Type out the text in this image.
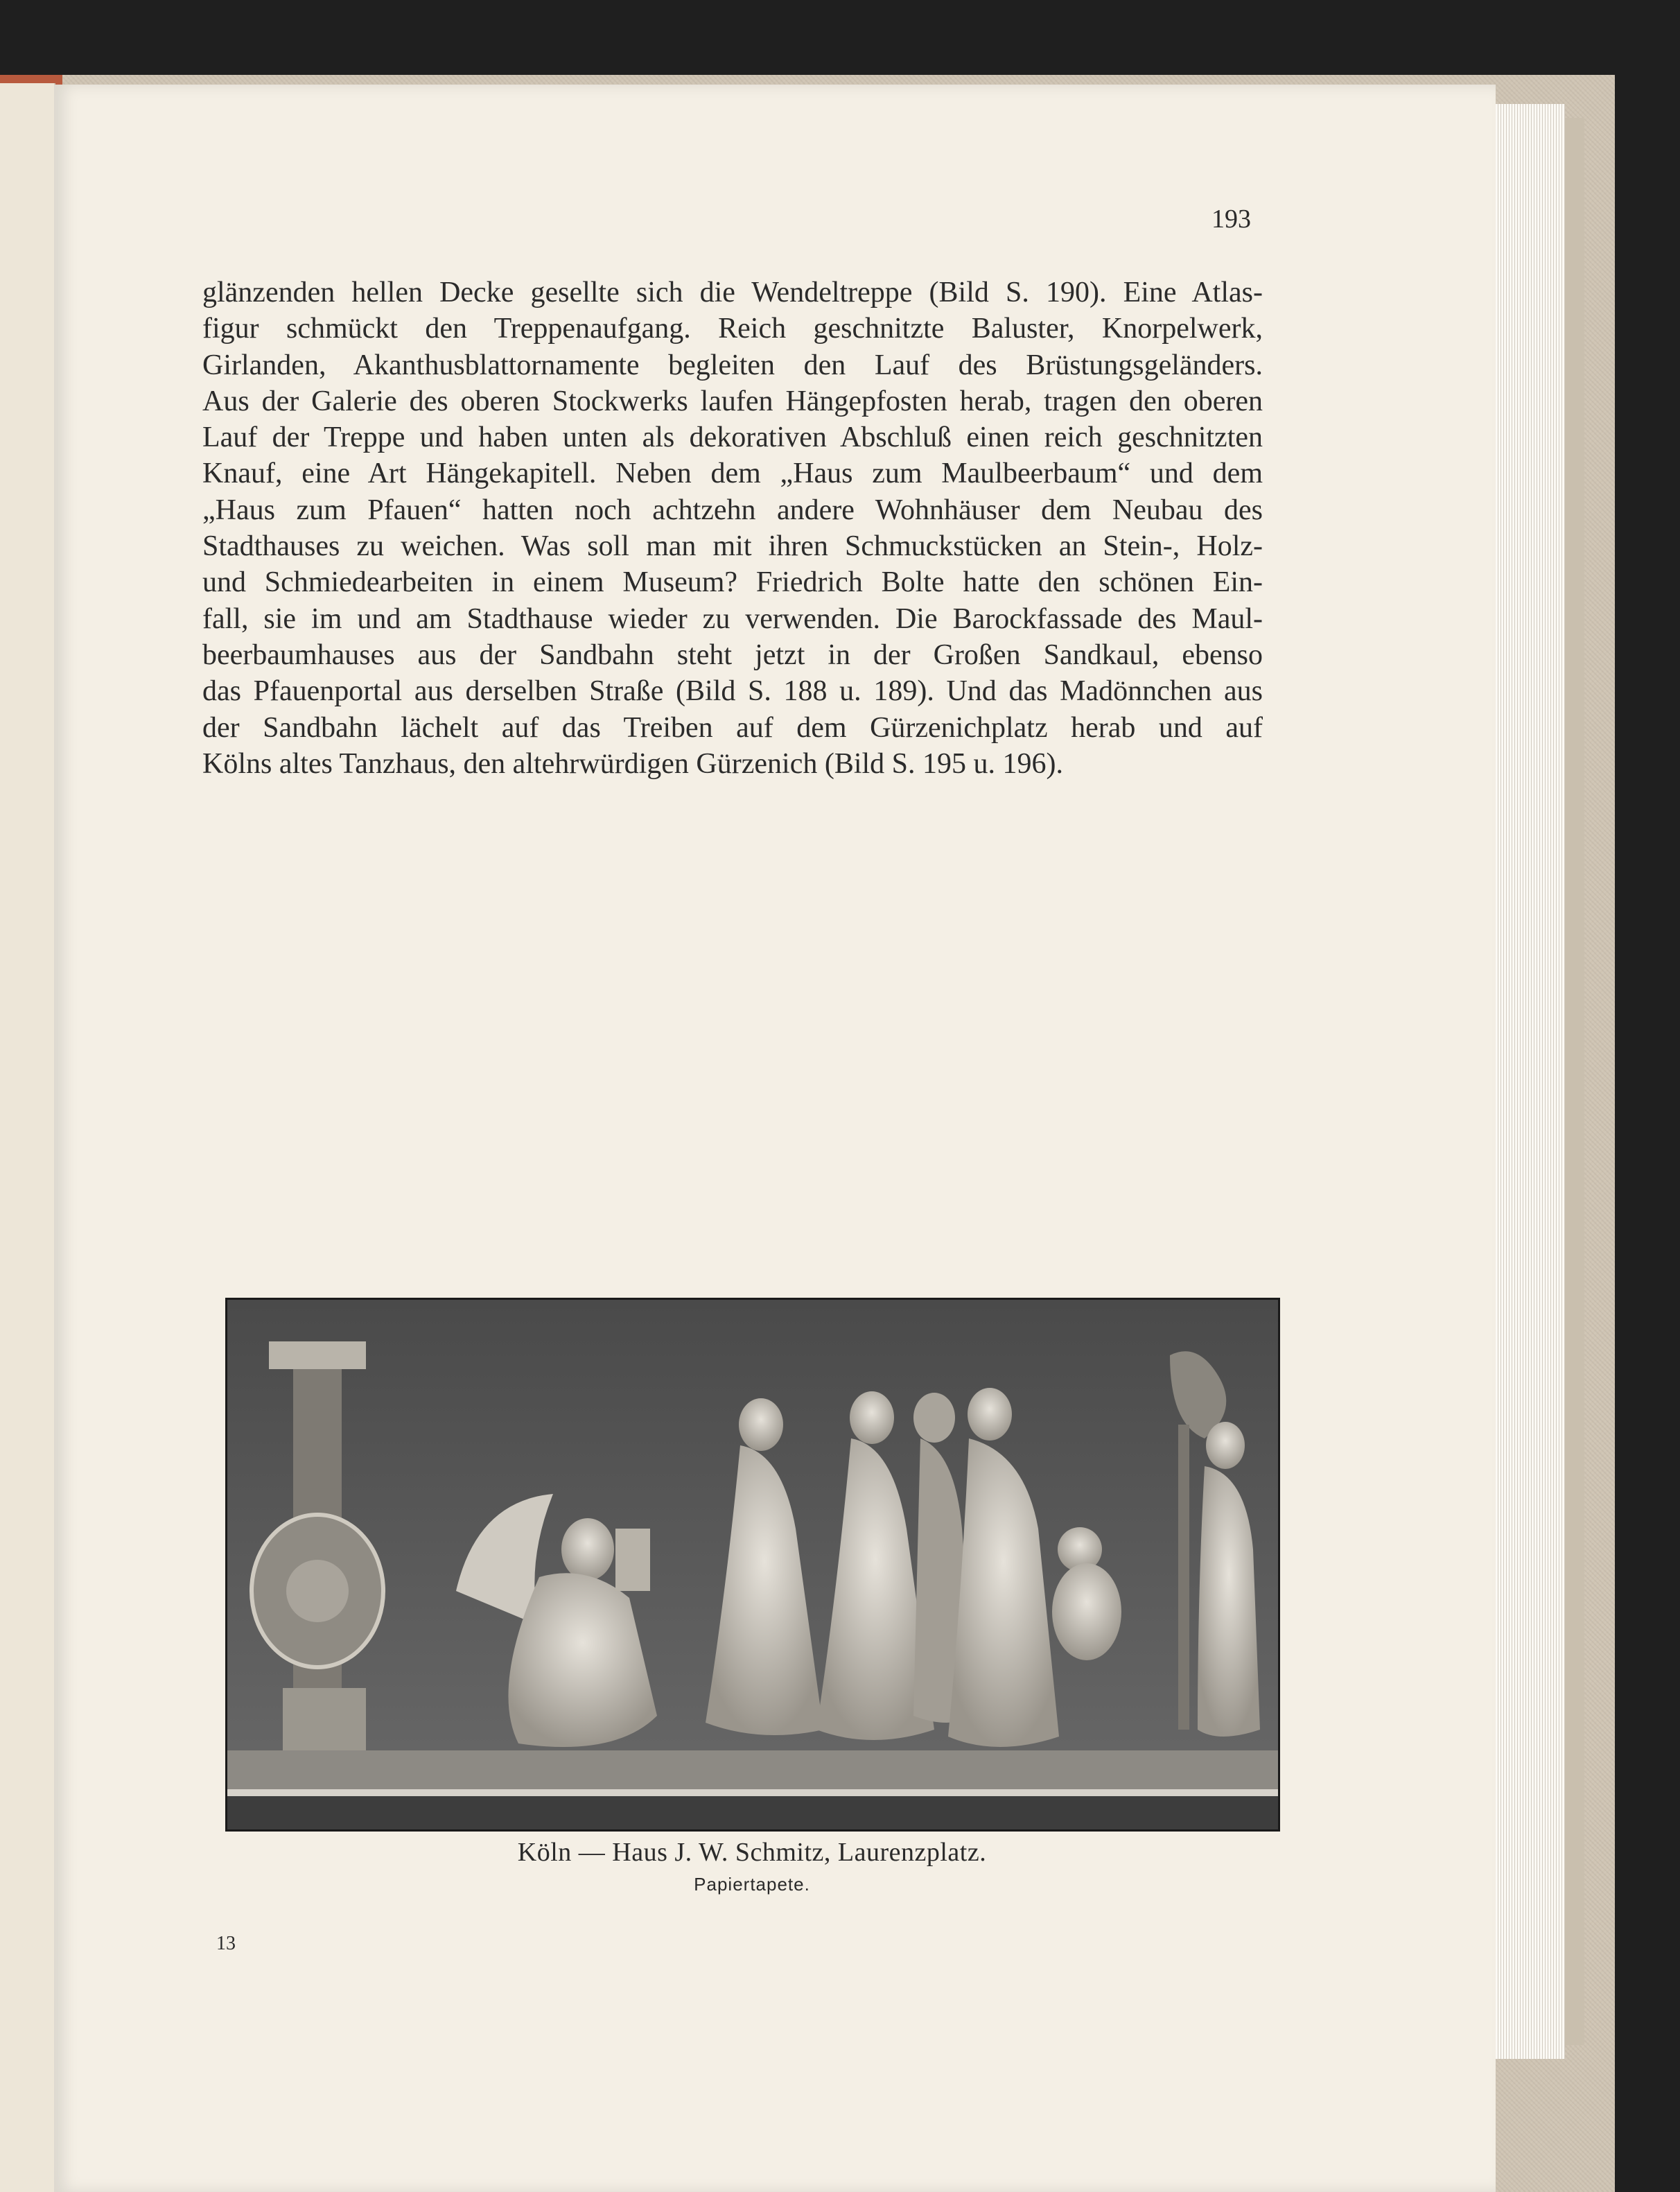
193
glänzenden hellen Decke gesellte sich die Wendeltreppe (Bild S. 190). Eine Atlas-
figur schmückt den Treppenaufgang. Reich geschnitzte Baluster, Knorpelwerk,
Girlanden, Akanthusblattornamente begleiten den Lauf des Brüstungsgeländers.
Aus der Galerie des oberen Stockwerks laufen Hängepfosten herab, tragen den oberen
Lauf der Treppe und haben unten als dekorativen Abschluß einen reich geschnitzten
Knauf, eine Art Hängekapitell. Neben dem „Haus zum Maulbeerbaum“ und dem
„Haus zum Pfauen“ hatten noch achtzehn andere Wohnhäuser dem Neubau des
Stadthauses zu weichen. Was soll man mit ihren Schmuckstücken an Stein-, Holz-
und Schmiedearbeiten in einem Museum? Friedrich Bolte hatte den schönen Ein-
fall, sie im und am Stadthause wieder zu verwenden. Die Barockfassade des Maul-
beerbaumhauses aus der Sandbahn steht jetzt in der Großen Sandkaul, ebenso
das Pfauenportal aus derselben Straße (Bild S. 188 u. 189). Und das Madönnchen aus
der Sandbahn lächelt auf das Treiben auf dem Gürzenichplatz herab und auf
Kölns altes Tanzhaus, den altehrwürdigen Gürzenich (Bild S. 195 u. 196).
Köln — Haus J. W. Schmitz, Laurenzplatz.
Papiertapete.
13
